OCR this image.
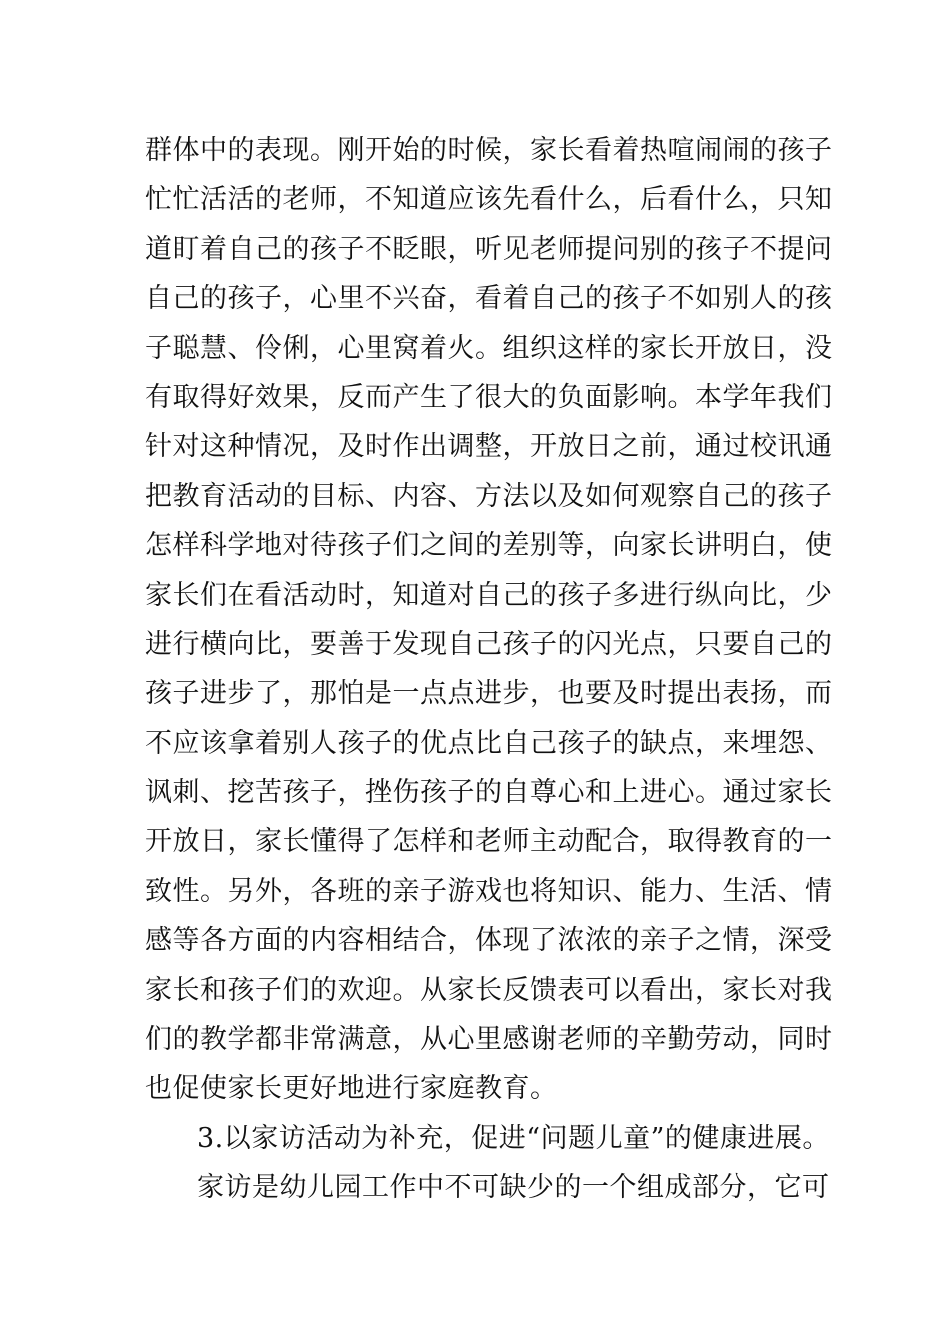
群体中的表现。刚开始的时候，家长看着热喧闹闹的孩子
忙忙活活的老师，不知道应该先看什么，后看什么，只知
道盯着自己的孩子不眨眼，听见老师提问别的孩子不提问
自己的孩子，心里不兴奋，看着自己的孩子不如别人的孩
子聪慧、伶俐，心里窝着火。组织这样的家长开放日，没
有取得好效果，反而产生了很大的负面影响。本学年我们
针对这种情况，及时作出调整，开放日之前，通过校讯通
把教育活动的目标、内容、方法以及如何观察自己的孩子
怎样科学地对待孩子们之间的差别等，向家长讲明白，使
家长们在看活动时，知道对自己的孩子多进行纵向比，少
进行横向比，要善于发现自己孩子的闪光点，只要自己的
孩子进步了，那怕是一点点进步，也要及时提出表扬，而
不应该拿着别人孩子的优点比自己孩子的缺点，来埋怨、
讽刺、挖苦孩子，挫伤孩子的自尊心和上进心。通过家长
开放日，家长懂得了怎样和老师主动配合，取得教育的一
致性。另外，各班的亲子游戏也将知识、能力、生活、情
感等各方面的内容相结合，体现了浓浓的亲子之情，深受
家长和孩子们的欢迎。从家长反馈表可以看出，家长对我
们的教学都非常满意，从心里感谢老师的辛勤劳动，同时
也促使家长更好地进行家庭教育。
3.以家访活动为补充，促进“问题儿童”的健康进展。
家访是幼儿园工作中不可缺少的一个组成部分，它可
